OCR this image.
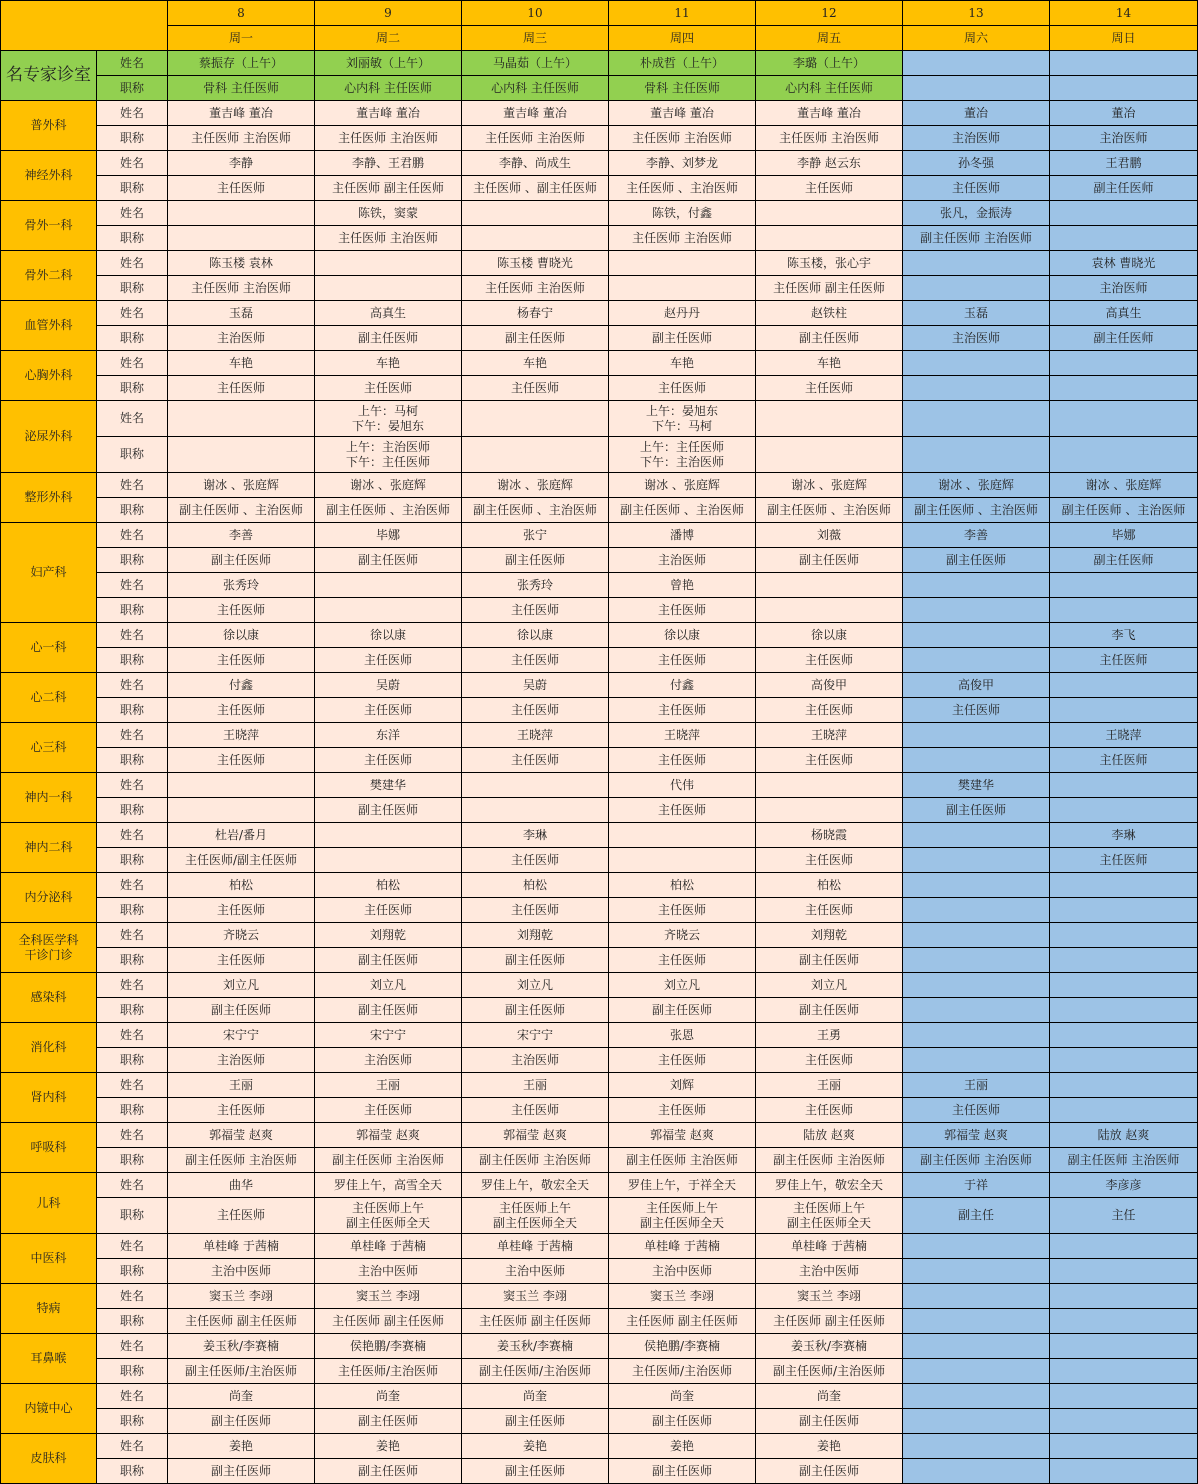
		8	9	10	11	12	13	14
		周一	周二	周三	周四	周五	周六	周日
名专家诊室	姓名	蔡振存（上午）	刘丽敏（上午）	马晶茹（上午）	朴成哲（上午）	李璐（上午）		
	职称	骨科 主任医师	心内科 主任医师	心内科 主任医师	骨科 主任医师	心内科 主任医师		
普外科	姓名	董吉峰 董冶	董吉峰 董冶	董吉峰 董冶	董吉峰 董冶	董吉峰 董冶	董冶	董冶
	职称	主任医师 主治医师	主任医师 主治医师	主任医师 主治医师	主任医师 主治医师	主任医师 主治医师	主治医师	主治医师
神经外科	姓名	李静	李静、王君鹏	李静、尚成生	李静、刘梦龙	李静 赵云东	孙冬强	王君鹏
	职称	主任医师	主任医师 副主任医师	主任医师 、副主任医师	主任医师 、主治医师	主任医师	主任医师	副主任医师
骨外一科	姓名		陈铁，窦蒙		陈铁，付鑫		张凡，金振涛	
	职称		主任医师 主治医师		主任医师 主治医师		副主任医师 主治医师	
骨外二科	姓名	陈玉楼 袁林		陈玉楼 曹晓光		陈玉楼，张心宇		袁林 曹晓光
	职称	主任医师 主治医师		主任医师 主治医师		主任医师 副主任医师		主治医师
血管外科	姓名	玉磊	高真生	杨春宁	赵丹丹	赵铁柱	玉磊	高真生
	职称	主治医师	副主任医师	副主任医师	副主任医师	副主任医师	主治医师	副主任医师
心胸外科	姓名	车艳	车艳	车艳	车艳	车艳		
	职称	主任医师	主任医师	主任医师	主任医师	主任医师		
泌尿外科	姓名		上午：马柯
下午：晏旭东		上午：晏旭东
下午：马柯			

	职称		上午：主治医师
下午：主任医师		上午：主任医师
下午：主治医师			

整形外科	姓名	谢冰 、张庭辉	谢冰 、张庭辉	谢冰 、张庭辉	谢冰 、张庭辉	谢冰 、张庭辉	谢冰 、张庭辉	谢冰 、张庭辉
	职称	副主任医师 、主治医师	副主任医师 、主治医师	副主任医师 、主治医师	副主任医师 、主治医师	副主任医师 、主治医师	副主任医师 、主治医师	副主任医师 、主治医师
妇产科	姓名	李善	毕娜	张宁	潘博	刘薇	李善	毕娜
	职称	副主任医师	副主任医师	副主任医师	主治医师	副主任医师	副主任医师	副主任医师
	姓名	张秀玲		张秀玲	曾艳			
	职称	主任医师		主任医师	主任医师			
心一科	姓名	徐以康	徐以康	徐以康	徐以康	徐以康		李飞
	职称	主任医师	主任医师	主任医师	主任医师	主任医师		主任医师
心二科	姓名	付鑫	吴蔚	吴蔚	付鑫	高俊甲	高俊甲	
	职称	主任医师	主任医师	主任医师	主任医师	主任医师	主任医师	
心三科	姓名	王晓萍	东洋	王晓萍	王晓萍	王晓萍		王晓萍
	职称	主任医师	主任医师	主任医师	主任医师	主任医师		主任医师
神内一科	姓名		樊建华		代伟		樊建华	
	职称		副主任医师		主任医师		副主任医师	
神内二科	姓名	杜岩/番月		李琳		杨晓霞		李琳
	职称	主任医师/副主任医师		主任医师		主任医师		主任医师
内分泌科	姓名	柏松	柏松	柏松	柏松	柏松		
	职称	主任医师	主任医师	主任医师	主任医师	主任医师		

全科医学科
干诊门诊	姓名	齐晓云	刘翔乾	刘翔乾	齐晓云	刘翔乾		
	职称	主任医师	副主任医师	副主任医师	主任医师	副主任医师		
感染科	姓名	刘立凡	刘立凡	刘立凡	刘立凡	刘立凡		
	职称	副主任医师	副主任医师	副主任医师	副主任医师	副主任医师		
消化科	姓名	宋宁宁	宋宁宁	宋宁宁	张恩	王勇		
	职称	主治医师	主治医师	主治医师	主任医师	主任医师		
肾内科	姓名	王丽	王丽	王丽	刘辉	王丽	王丽	
	职称	主任医师	主任医师	主任医师	主任医师	主任医师	主任医师	
呼吸科	姓名	郭福莹 赵爽	郭福莹 赵爽	郭福莹 赵爽	郭福莹 赵爽	陆放 赵爽	郭福莹 赵爽	陆放 赵爽
	职称	副主任医师 主治医师	副主任医师 主治医师	副主任医师 主治医师	副主任医师 主治医师	副主任医师 主治医师	副主任医师 主治医师	副主任医师 主治医师
儿科	姓名	曲华	罗佳上午，高雪全天	罗佳上午，敬宏全天	罗佳上午，于祥全天	罗佳上午，敬宏全天	于祥	李彦彦
	职称	主任医师	主任医师上午
副主任医师全天	主任医师上午
副主任医师全天	主任医师上午
副主任医师全天	主任医师上午
副主任医师全天	副主任	主任
中医科	姓名	单桂峰 于茜楠	单桂峰 于茜楠	单桂峰 于茜楠	单桂峰 于茜楠	单桂峰 于茜楠		
	职称	主治中医师	主治中医师	主治中医师	主治中医师	主治中医师		
特病	姓名	窦玉兰 李翊	窦玉兰 李翊	窦玉兰 李翊	窦玉兰 李翊	窦玉兰 李翊		
	职称	主任医师 副主任医师	主任医师 副主任医师	主任医师 副主任医师	主任医师 副主任医师	主任医师 副主任医师		
耳鼻喉	姓名	姜玉秋/李赛楠	侯艳鹏/李赛楠	姜玉秋/李赛楠	侯艳鹏/李赛楠	姜玉秋/李赛楠		
	职称	副主任医师/主治医师	主任医师/主治医师	副主任医师/主治医师	主任医师/主治医师	副主任医师/主治医师		
内镜中心	姓名	尚奎	尚奎	尚奎	尚奎	尚奎		
	职称	副主任医师	副主任医师	副主任医师	副主任医师	副主任医师		
皮肤科	姓名	姜艳	姜艳	姜艳	姜艳	姜艳		
	职称	副主任医师	副主任医师	副主任医师	副主任医师	副主任医师		
